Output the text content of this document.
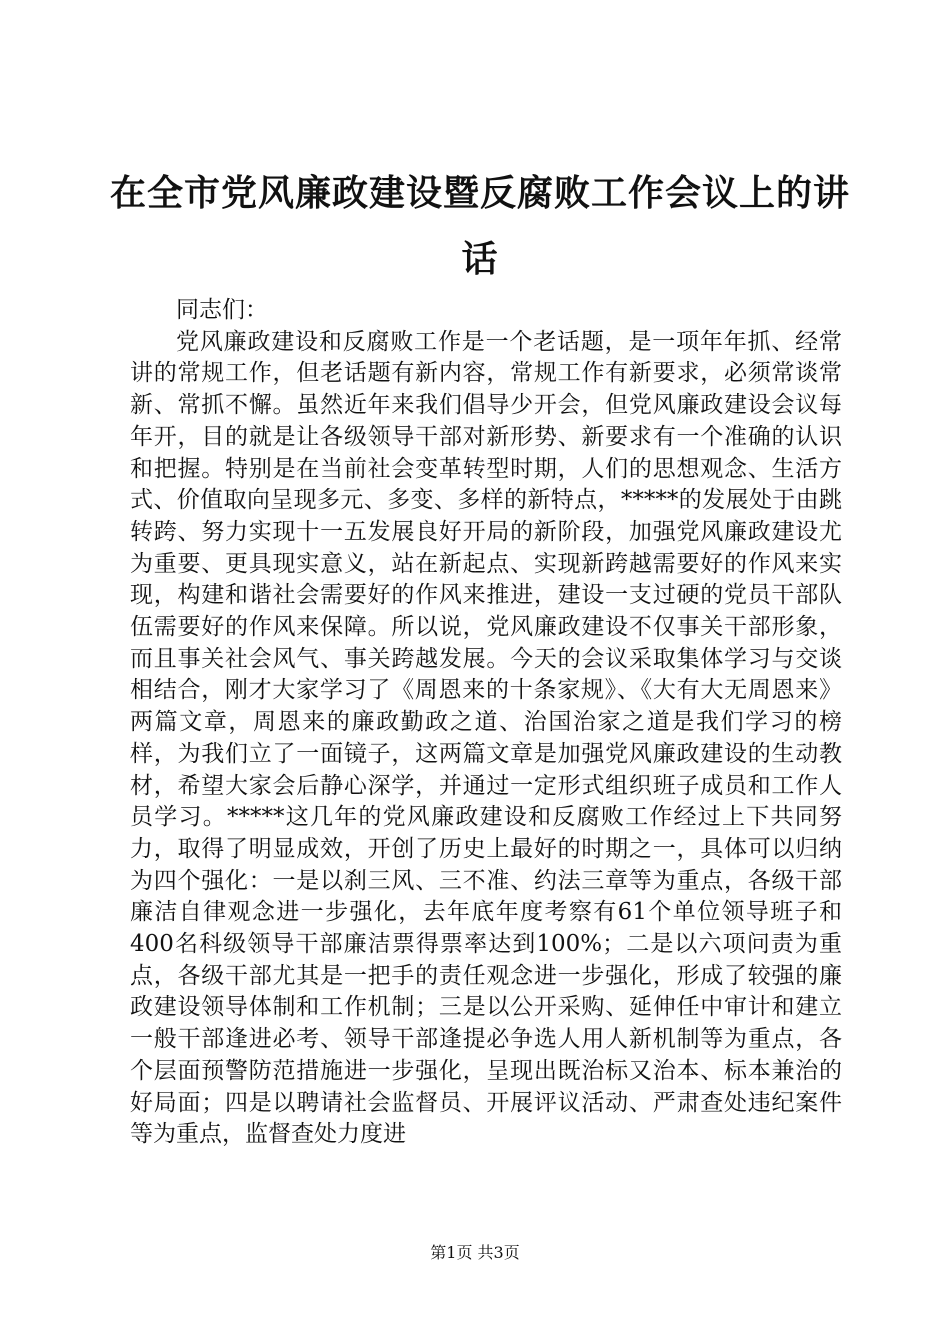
在全市党风廉政建设暨反腐败工作会议上的讲话

同志们：

党风廉政建设和反腐败工作是一个老话题，是一项年年抓、经常讲的常规工作，但老话题有新内容，常规工作有新要求，必须常谈常新、常抓不懈。虽然近年来我们倡导少开会，但党风廉政建设会议每年开，目的就是让各级领导干部对新形势、新要求有一个准确的认识和把握。特别是在当前社会变革转型时期，人们的思想观念、生活方式、价值取向呈现多元、多变、多样的新特点，*****的发展处于由跳转跨、努力实现十一五发展良好开局的新阶段，加强党风廉政建设尤为重要、更具现实意义，站在新起点、实现新跨越需要好的作风来实现，构建和谐社会需要好的作风来推进，建设一支过硬的党员干部队伍需要好的作风来保障。所以说，党风廉政建设不仅事关干部形象，而且事关社会风气、事关跨越发展。今天的会议采取集体学习与交谈相结合，刚才大家学习了《周恩来的十条家规》、《大有大无周恩来》两篇文章，周恩来的廉政勤政之道、治国治家之道是我们学习的榜样，为我们立了一面镜子，这两篇文章是加强党风廉政建设的生动教材，希望大家会后静心深学，并通过一定形式组织班子成员和工作人员学习。*****这几年的党风廉政建设和反腐败工作经过上下共同努力，取得了明显成效，开创了历史上最好的时期之一，具体可以归纳为四个强化：一是以刹三风、三不准、约法三章等为重点，各级干部廉洁自律观念进一步强化，去年底年度考察有61个单位领导班子和400名科级领导干部廉洁票得票率达到100%；二是以六项问责为重点，各级干部尤其是一把手的责任观念进一步强化，形成了较强的廉政建设领导体制和工作机制；三是以公开采购、延伸任中审计和建立一般干部逢进必考、领导干部逢提必争选人用人新机制等为重点，各个层面预警防范措施进一步强化，呈现出既治标又治本、标本兼治的好局面；四是以聘请社会监督员、开展评议活动、严肃查处违纪案件等为重点，监督查处力度进

第1页 共3页
